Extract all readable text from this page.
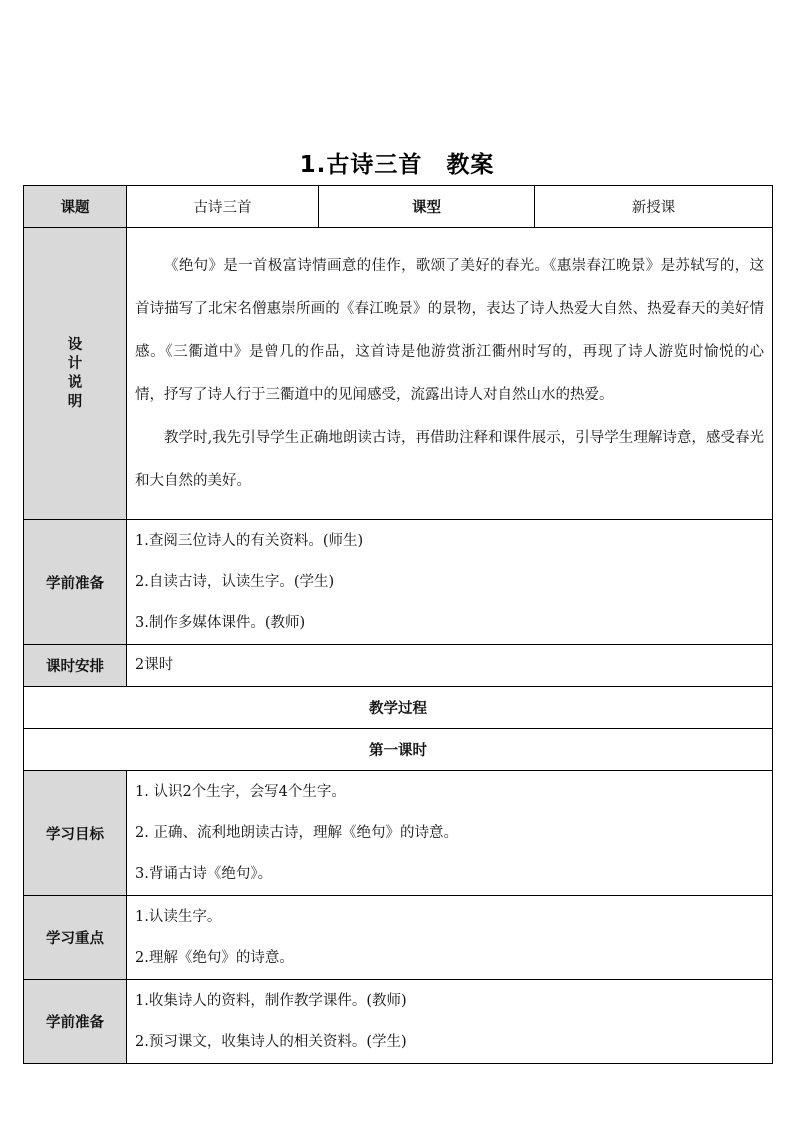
1.古诗三首　教案
课题	古诗三首	课型	新授课
设计说明	《绝句》是一首极富诗情画意的佳作，歌颂了美好的春光。《惠崇春江晚景》是苏轼写的，这首诗描写了北宋名僧惠崇所画的《春江晚景》的景物，表达了诗人热爱大自然、热爱春天的美好情感。《三衢道中》是曾几的作品，这首诗是他游赏浙江衢州时写的，再现了诗人游览时愉悦的心情，抒写了诗人行于三衢道中的见闻感受，流露出诗人对自然山水的热爱。

教学时,我先引导学生正确地朗读古诗，再借助注释和课件展示，引导学生理解诗意，感受春光和大自然的美好。		

学前准备	1.查阅三位诗人的有关资料。(师生)
2.自读古诗，认读生字。(学生)
3.制作多媒体课件。(教师)		

课时安排	2课时		

教学过程			
第一课时			
学习目标	1. 认识2个生字，会写4个生字。
2. 正确、流利地朗读古诗，理解《绝句》的诗意。
3.背诵古诗《绝句》。		

学习重点	1.认读生字。
2.理解《绝句》的诗意。		

学前准备	1.收集诗人的资料，制作教学课件。(教师)
2.预习课文，收集诗人的相关资料。(学生)		
